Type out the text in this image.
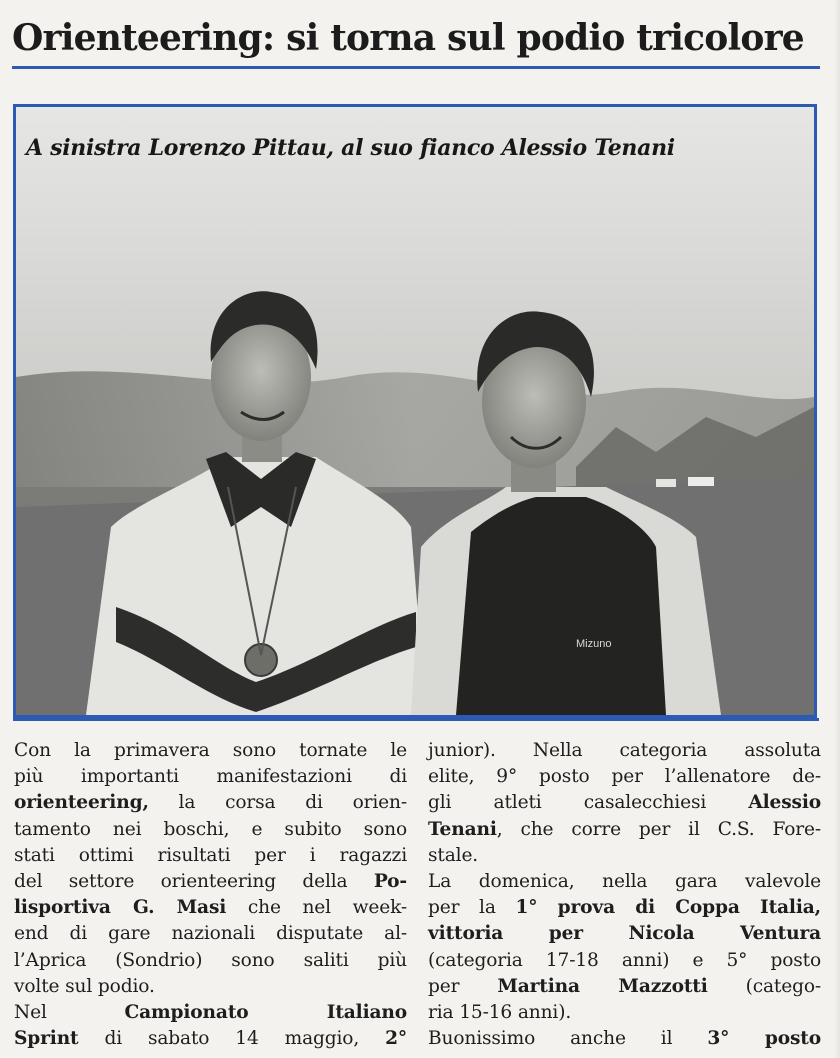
Orienteering: si torna sul podio tricolore
Mizuno
A sinistra Lorenzo Pittau, al suo fianco Alessio Tenani
Con la primavera sono tornate le
più importanti manifestazioni di
orienteering, la corsa di orien-
tamento nei boschi, e subito sono
stati ottimi risultati per i ragazzi
del settore orienteering della Po-
lisportiva G. Masi che nel week-
end di gare nazionali disputate al-
l’Aprica (Sondrio) sono saliti più
volte sul podio.
Nel Campionato Italiano
Sprint di sabato 14 maggio, 2°
junior). Nella categoria assoluta
elite, 9° posto per l’allenatore de-
gli atleti casalecchiesi Alessio
Tenani, che corre per il C.S. Fore-
stale.
La domenica, nella gara valevole
per la 1° prova di Coppa Italia,
vittoria per Nicola Ventura
(categoria 17-18 anni) e 5° posto
per Martina Mazzotti (catego-
ria 15-16 anni).
Buonissimo anche il 3° posto
